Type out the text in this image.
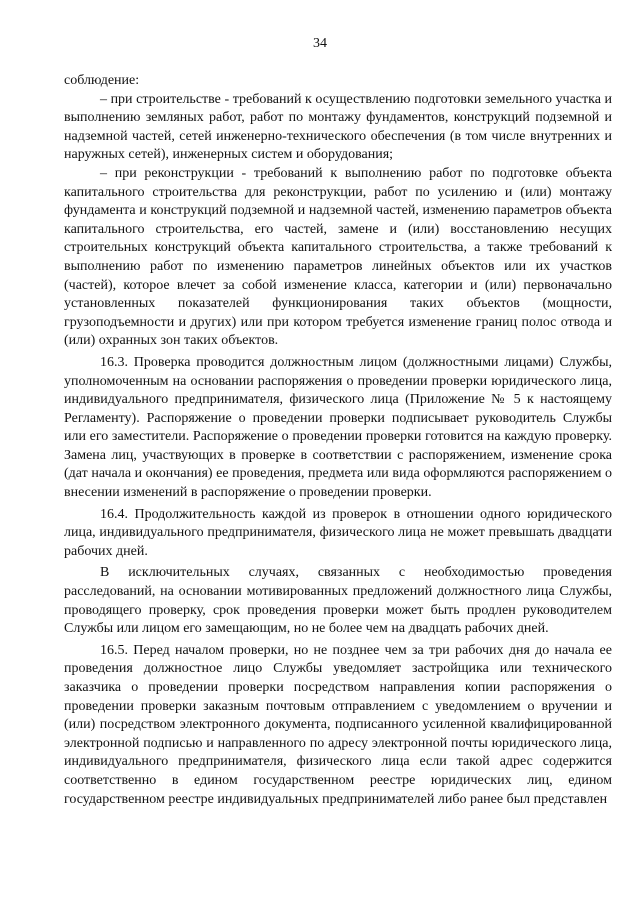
34

соблюдение:

– при строительстве - требований к осуществлению подготовки земельного участка и выполнению земляных работ, работ по монтажу фундаментов, конструкций подземной и надземной частей, сетей инженерно-технического обеспечения (в том числе внутренних и наружных сетей), инженерных систем и оборудования;

– при реконструкции - требований к выполнению работ по подготовке объекта капитального строительства для реконструкции, работ по усилению и (или) монтажу фундамента и конструкций подземной и надземной частей, изменению параметров объекта капитального строительства, его частей, замене и (или) восстановлению несущих строительных конструкций объекта капитального строительства, а также требований к выполнению работ по изменению параметров линейных объектов или их участков (частей), которое влечет за собой изменение класса, категории и (или) первоначально установленных показателей функционирования таких объектов (мощности, грузоподъемности и других) или при котором требуется изменение границ полос отвода и (или) охранных зон таких объектов.

16.3. Проверка проводится должностным лицом (должностными лицами) Службы, уполномоченным на основании распоряжения о проведении проверки юридического лица, индивидуального предпринимателя, физического лица (Приложение № 5 к настоящему Регламенту). Распоряжение о проведении проверки подписывает руководитель Службы или его заместители. Распоряжение о проведении проверки готовится на каждую проверку. Замена лиц, участвующих в проверке в соответствии с распоряжением, изменение срока (дат начала и окончания) ее проведения, предмета или вида оформляются распоряжением о внесении изменений в распоряжение о проведении проверки.

16.4. Продолжительность каждой из проверок в отношении одного юридического лица, индивидуального предпринимателя, физического лица не может превышать двадцати рабочих дней.

В исключительных случаях, связанных с необходимостью проведения расследований, на основании мотивированных предложений должностного лица Службы, проводящего проверку, срок проведения проверки может быть продлен руководителем Службы или лицом его замещающим, но не более чем на двадцать рабочих дней.

16.5. Перед началом проверки, но не позднее чем за три рабочих дня до начала ее проведения должностное лицо Службы уведомляет застройщика или технического заказчика о проведении проверки посредством направления копии распоряжения о проведении проверки заказным почтовым отправлением с уведомлением о вручении и (или) посредством электронного документа, подписанного усиленной квалифицированной электронной подписью и направленного по адресу электронной почты юридического лица, индивидуального предпринимателя, физического лица если такой адрес содержится соответственно в едином государственном реестре юридических лиц, едином государственном реестре индивидуальных предпринимателей либо ранее был представлен
